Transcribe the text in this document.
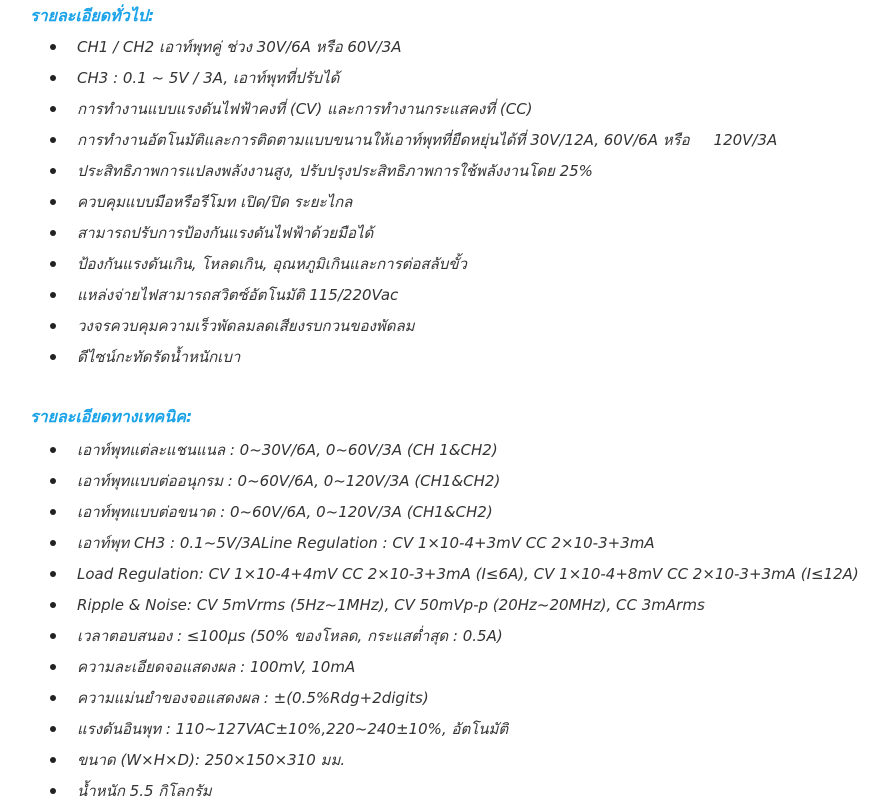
รายละเอียดทั่วไป:
CH1 / CH2 เอาท์พุทคู่ ช่วง 30V/6A หรือ 60V/3A
CH3 : 0.1 ~ 5V / 3A, เอาท์พุทที่ปรับได้
การทำงานแบบแรงดันไฟฟ้าคงที่ (CV) และการทำงานกระแสคงที่ (CC)
การทำงานอัตโนมัติและการติดตามแบบขนานให้เอาท์พุทที่ยืดหยุ่นได้ที่ 30V/12A, 60V/6A หรือ     120V/3A
ประสิทธิภาพการแปลงพลังงานสูง, ปรับปรุงประสิทธิภาพการใช้พลังงานโดย 25%
ควบคุมแบบมือหรือรีโมท เปิด/ปิด ระยะไกล
สามารถปรับการป้องกันแรงดันไฟฟ้าด้วยมือได้
ป้องกันแรงดันเกิน, โหลดเกิน, อุณหภูมิเกินและการต่อสลับขั้ว
แหล่งจ่ายไฟสามารถสวิตซ์อัตโนมัติ 115/220Vac
วงจรควบคุมความเร็วพัดลมลดเสียงรบกวนของพัดลม
ดีไซน์กะทัดรัดน้ำหนักเบา
รายละเอียดทางเทคนิค:
เอาท์พุทแต่ละแชนแนล : 0~30V/6A, 0~60V/3A (CH 1&CH2)
เอาท์พุทแบบต่ออนุกรม : 0~60V/6A, 0~120V/3A (CH1&CH2)
เอาท์พุทแบบต่อขนาด : 0~60V/6A, 0~120V/3A (CH1&CH2)
เอาท์พุท CH3 : 0.1~5V/3ALine Regulation : CV 1×10-4+3mV CC 2×10-3+3mA
Load Regulation: CV 1×10-4+4mV CC 2×10-3+3mA (I≤6A), CV 1×10-4+8mV CC 2×10-3+3mA (I≤12A)
Ripple & Noise: CV 5mVrms (5Hz~1MHz), CV 50mVp-p (20Hz~20MHz), CC 3mArms
เวลาตอบสนอง : ≤100μs (50% ของโหลด, กระแสต่ำสุด : 0.5A)
ความละเอียดจอแสดงผล : 100mV, 10mA
ความแม่นยำของจอแสดงผล : ±(0.5%Rdg+2digits)
แรงดันอินพุท : 110~127VAC±10%,220~240±10%, อัตโนมัติ
ขนาด (W×H×D): 250×150×310 มม.
น้ำหนัก 5.5 กิโลกรัม
